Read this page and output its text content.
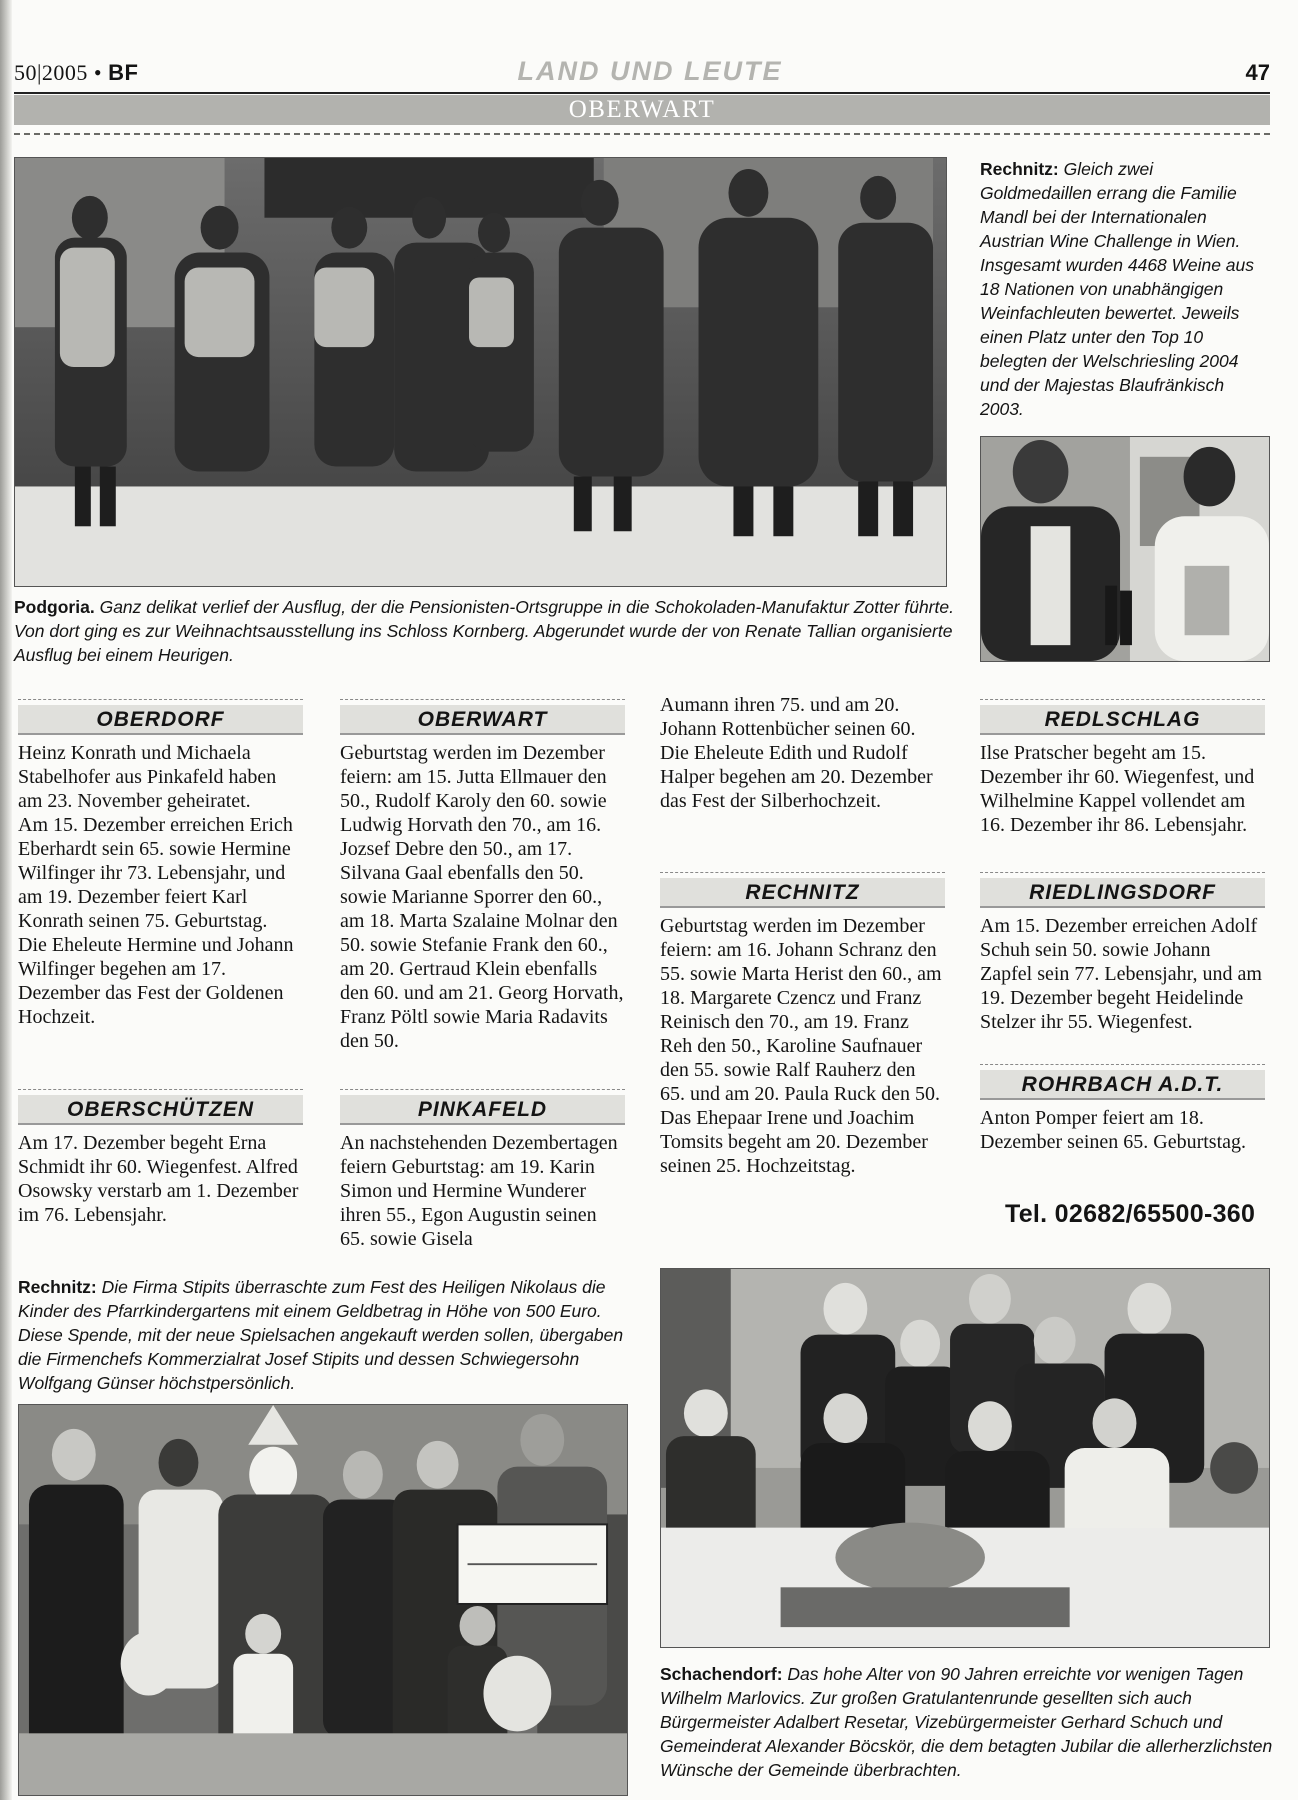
50|2005 • BF	LAND UND LEUTE	47
OBERWART
Podgoria. Ganz delikat verlief der Ausflug, der die Pensionisten-Ortsgruppe in die Schokoladen-Manufaktur Zotter führte. Von dort ging es zur Weihnachtsausstellung ins Schloss Kornberg. Abgerundet wurde der von Renate Tallian organisierte Ausflug bei einem Heurigen.
Rechnitz: Gleich zwei Goldmedaillen errang die Familie Mandl bei der Internationalen Austrian Wine Challenge in Wien. Insgesamt wurden 4468 Weine aus 18 Nationen von unabhängigen Weinfachleuten bewertet. Jeweils einen Platz unter den Top 10 belegten der Welschriesling 2004 und der Majestas Blaufränkisch 2003.
OBERDORF

Heinz Konrath und Michaela Stabelhofer aus Pinkafeld haben am 23. November geheiratet.

Am 15. Dezember erreichen Erich Eberhardt sein 65. sowie Hermine Wilfinger ihr 73. Lebensjahr, und am 19. Dezember feiert Karl Konrath seinen 75. Geburtstag.

Die Eheleute Hermine und Johann Wilfinger begehen am 17. Dezember das Fest der Goldenen Hochzeit.

OBERSCHÜTZEN

Am 17. Dezember begeht Erna Schmidt ihr 60. Wiegenfest. Alfred Osowsky verstarb am 1. Dezember im 76. Lebensjahr.

OBERWART

Geburtstag werden im Dezember feiern: am 15. Jutta Ellmauer den 50., Rudolf Karoly den 60. sowie Ludwig Horvath den 70., am 16. Jozsef Debre den 50., am 17. Silvana Gaal ebenfalls den 50. sowie Marianne Sporrer den 60., am 18. Marta Szalaine Molnar den 50. sowie Stefanie Frank den 60., am 20. Gertraud Klein ebenfalls den 60. und am 21. Georg Horvath, Franz Pöltl sowie Maria Radavits den 50.

PINKAFELD

An nachstehenden Dezembertagen feiern Geburtstag: am 19. Karin Simon und Hermine Wunderer ihren 55., Egon Augustin seinen 65. sowie Gisela

Aumann ihren 75. und am 20. Johann Rottenbücher seinen 60.

Die Eheleute Edith und Rudolf Halper begehen am 20. Dezember das Fest der Silberhochzeit.

RECHNITZ

Geburtstag werden im Dezember feiern: am 16. Johann Schranz den 55. sowie Marta Herist den 60., am 18. Margarete Czencz und Franz Reinisch den 70., am 19. Franz Reh den 50., Karoline Saufnauer den 55. sowie Ralf Rauherz den 65. und am 20. Paula Ruck den 50.

Das Ehepaar Irene und Joachim Tomsits begeht am 20. Dezember seinen 25. Hochzeitstag.

REDLSCHLAG

Ilse Pratscher begeht am 15. Dezember ihr 60. Wiegenfest, und Wilhelmine Kappel vollendet am 16. Dezember ihr 86. Lebensjahr.

RIEDLINGSDORF

Am 15. Dezember erreichen Adolf Schuh sein 50. sowie Johann Zapfel sein 77. Lebensjahr, und am 19. Dezember begeht Heidelinde Stelzer ihr 55. Wiegenfest.

ROHRBACH A.D.T.

Anton Pomper feiert am 18. Dezember seinen 65. Geburtstag.

Tel. 02682/65500-360
Rechnitz: Die Firma Stipits überraschte zum Fest des Heiligen Nikolaus die Kinder des Pfarrkindergartens mit einem Geldbetrag in Höhe von 500 Euro. Diese Spende, mit der neue Spielsachen angekauft werden sollen, übergaben die Firmenchefs Kommerzialrat Josef Stipits und dessen Schwiegersohn Wolfgang Günser höchstpersönlich.
Schachendorf: Das hohe Alter von 90 Jahren erreichte vor wenigen Tagen Wilhelm Marlovics. Zur großen Gratulantenrunde gesellten sich auch Bürgermeister Adalbert Resetar, Vizebürgermeister Gerhard Schuch und Gemeinderat Alexander Böcskör, die dem betagten Jubilar die allerherzlichsten Wünsche der Gemeinde überbrachten.
